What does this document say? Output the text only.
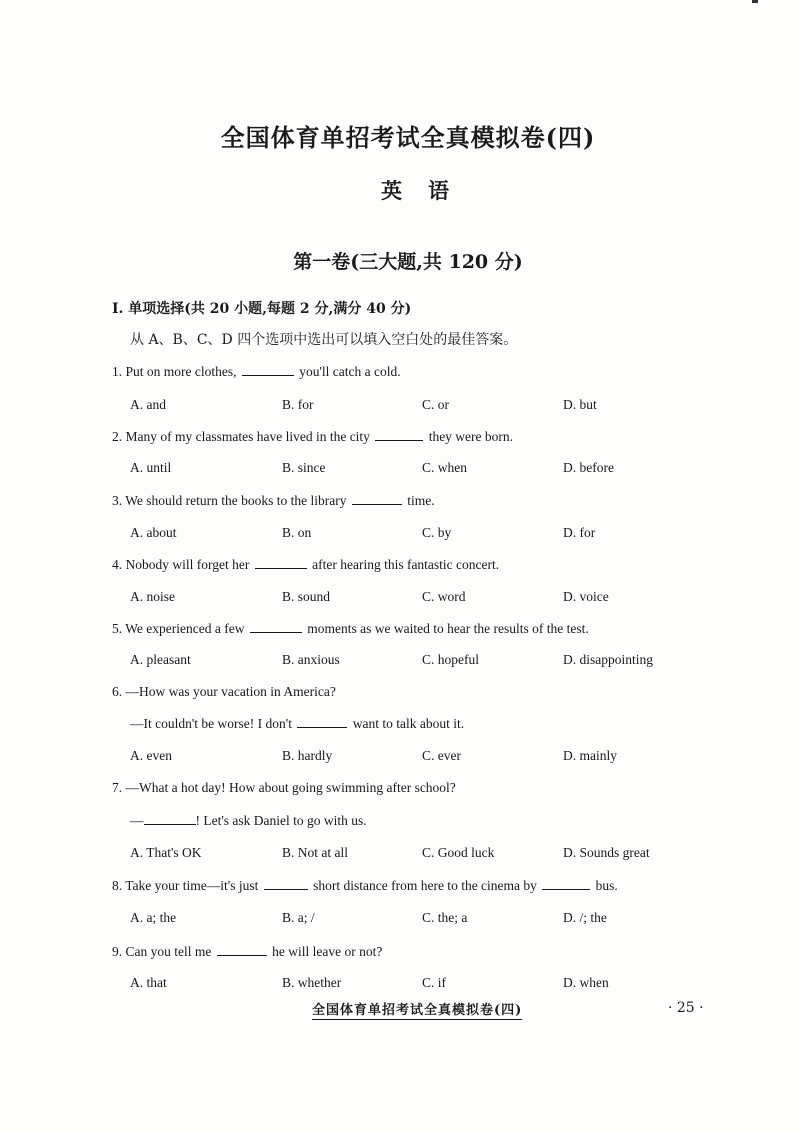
全国体育单招考试全真模拟卷(四)
英语
第一卷(三大题,共 120 分)
Ⅰ. 单项选择(共 20 小题,每题 2 分,满分 40 分)
从 A、B、C、D 四个选项中选出可以填入空白处的最佳答案。
1. Put on more clothes,	you'll catch a cold.
A. and	B. for	C. or	D. but
2. Many of my classmates have lived in the city	they were born.
A. until	B. since	C. when	D. before
3. We should return the books to the library	time.
A. about	B. on	C. by	D. for
4. Nobody will forget her	after hearing this fantastic concert.
A. noise	B. sound	C. word	D. voice
5. We experienced a few	moments as we waited to hear the results of the test.
A. pleasant	B. anxious	C. hopeful	D. disappointing
6. —How was your vacation in America?
—It couldn't be worse! I don't	want to talk about it.
A. even	B. hardly	C. ever	D. mainly
7. —What a hot day! How about going swimming after school?
—	! Let's ask Daniel to go with us.
A. That's OK	B. Not at all	C. Good luck	D. Sounds great
8. Take your time—it's just	short distance from here to the cinema by	bus.
A. a; the	B. a; /	C. the; a	D. /; the
9. Can you tell me	he will leave or not?
A. that	B. whether	C. if	D. when
全国体育单招考试全真模拟卷(四)	· 25 ·
